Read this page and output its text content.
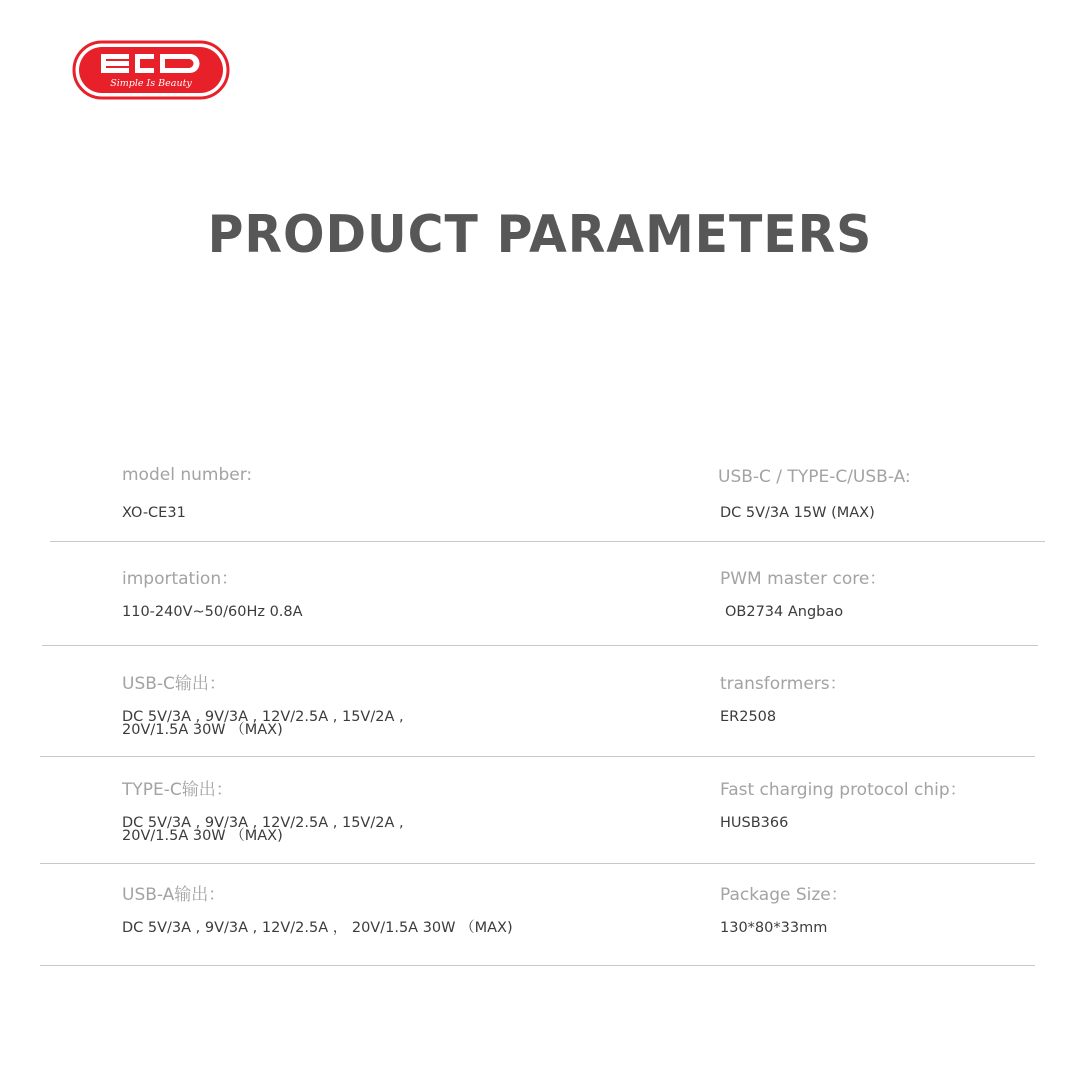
Simple Is Beauty
PRODUCT PARAMETERS
model number:
XO-CE31
USB-C / TYPE-C/USB-A:
DC 5V/3A 15W (MAX)
importation：
110-240V~50/60Hz 0.8A
PWM master core：
OB2734 Angbao
USB-C输出：
DC 5V/3A , 9V/3A , 12V/2.5A , 15V/2A ,
20V/1.5A 30W （MAX)
transformers：
ER2508
TYPE-C输出：
DC 5V/3A , 9V/3A , 12V/2.5A , 15V/2A ,
20V/1.5A 30W （MAX)
Fast charging protocol chip：
HUSB366
USB-A输出：
DC 5V/3A , 9V/3A , 12V/2.5A ， 20V/1.5A 30W （MAX)
Package Size：
130*80*33mm
